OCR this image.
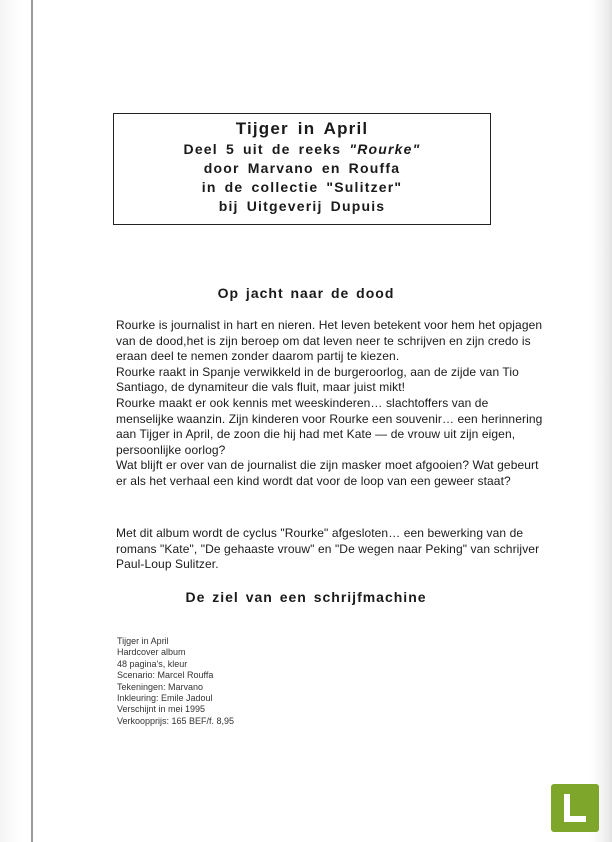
Tijger in April
Deel 5 uit de reeks "Rourke"
door Marvano en Rouffa
in de collectie "Sulitzer"
bij Uitgeverij Dupuis
Op jacht naar de dood

Rourke is journalist in hart en nieren. Het leven betekent voor hem het opjagen van de dood,het is zijn beroep om dat leven neer te schrijven en zijn credo is eraan deel te nemen zonder daarom partij te kiezen.

Rourke raakt in Spanje verwikkeld in de burgeroorlog, aan de zijde van Tio Santiago, de dynamiteur die vals fluit, maar juist mikt!

Rourke maakt er ook kennis met weeskinderen… slachtoffers van de menselijke waanzin. Zijn kinderen voor Rourke een souvenir… een herinnering aan Tijger in April, de zoon die hij had met Kate — de vrouw uit zijn eigen, persoonlijke oorlog?

Wat blijft er over van de journalist die zijn masker moet afgooien? Wat gebeurt er als het verhaal een kind wordt dat voor de loop van een geweer staat?

Met dit album wordt de cyclus "Rourke" afgesloten… een bewerking van de romans "Kate", "De gehaaste vrouw" en "De wegen naar Peking" van schrijver Paul-Loup Sulitzer.

De ziel van een schrijfmachine
Tijger in April
Hardcover album
48 pagina's, kleur
Scenario: Marcel Rouffa
Tekeningen: Marvano
Inkleuring: Emile Jadoul
Verschijnt in mei 1995
Verkoopprijs: 165 BEF/f. 8,95
